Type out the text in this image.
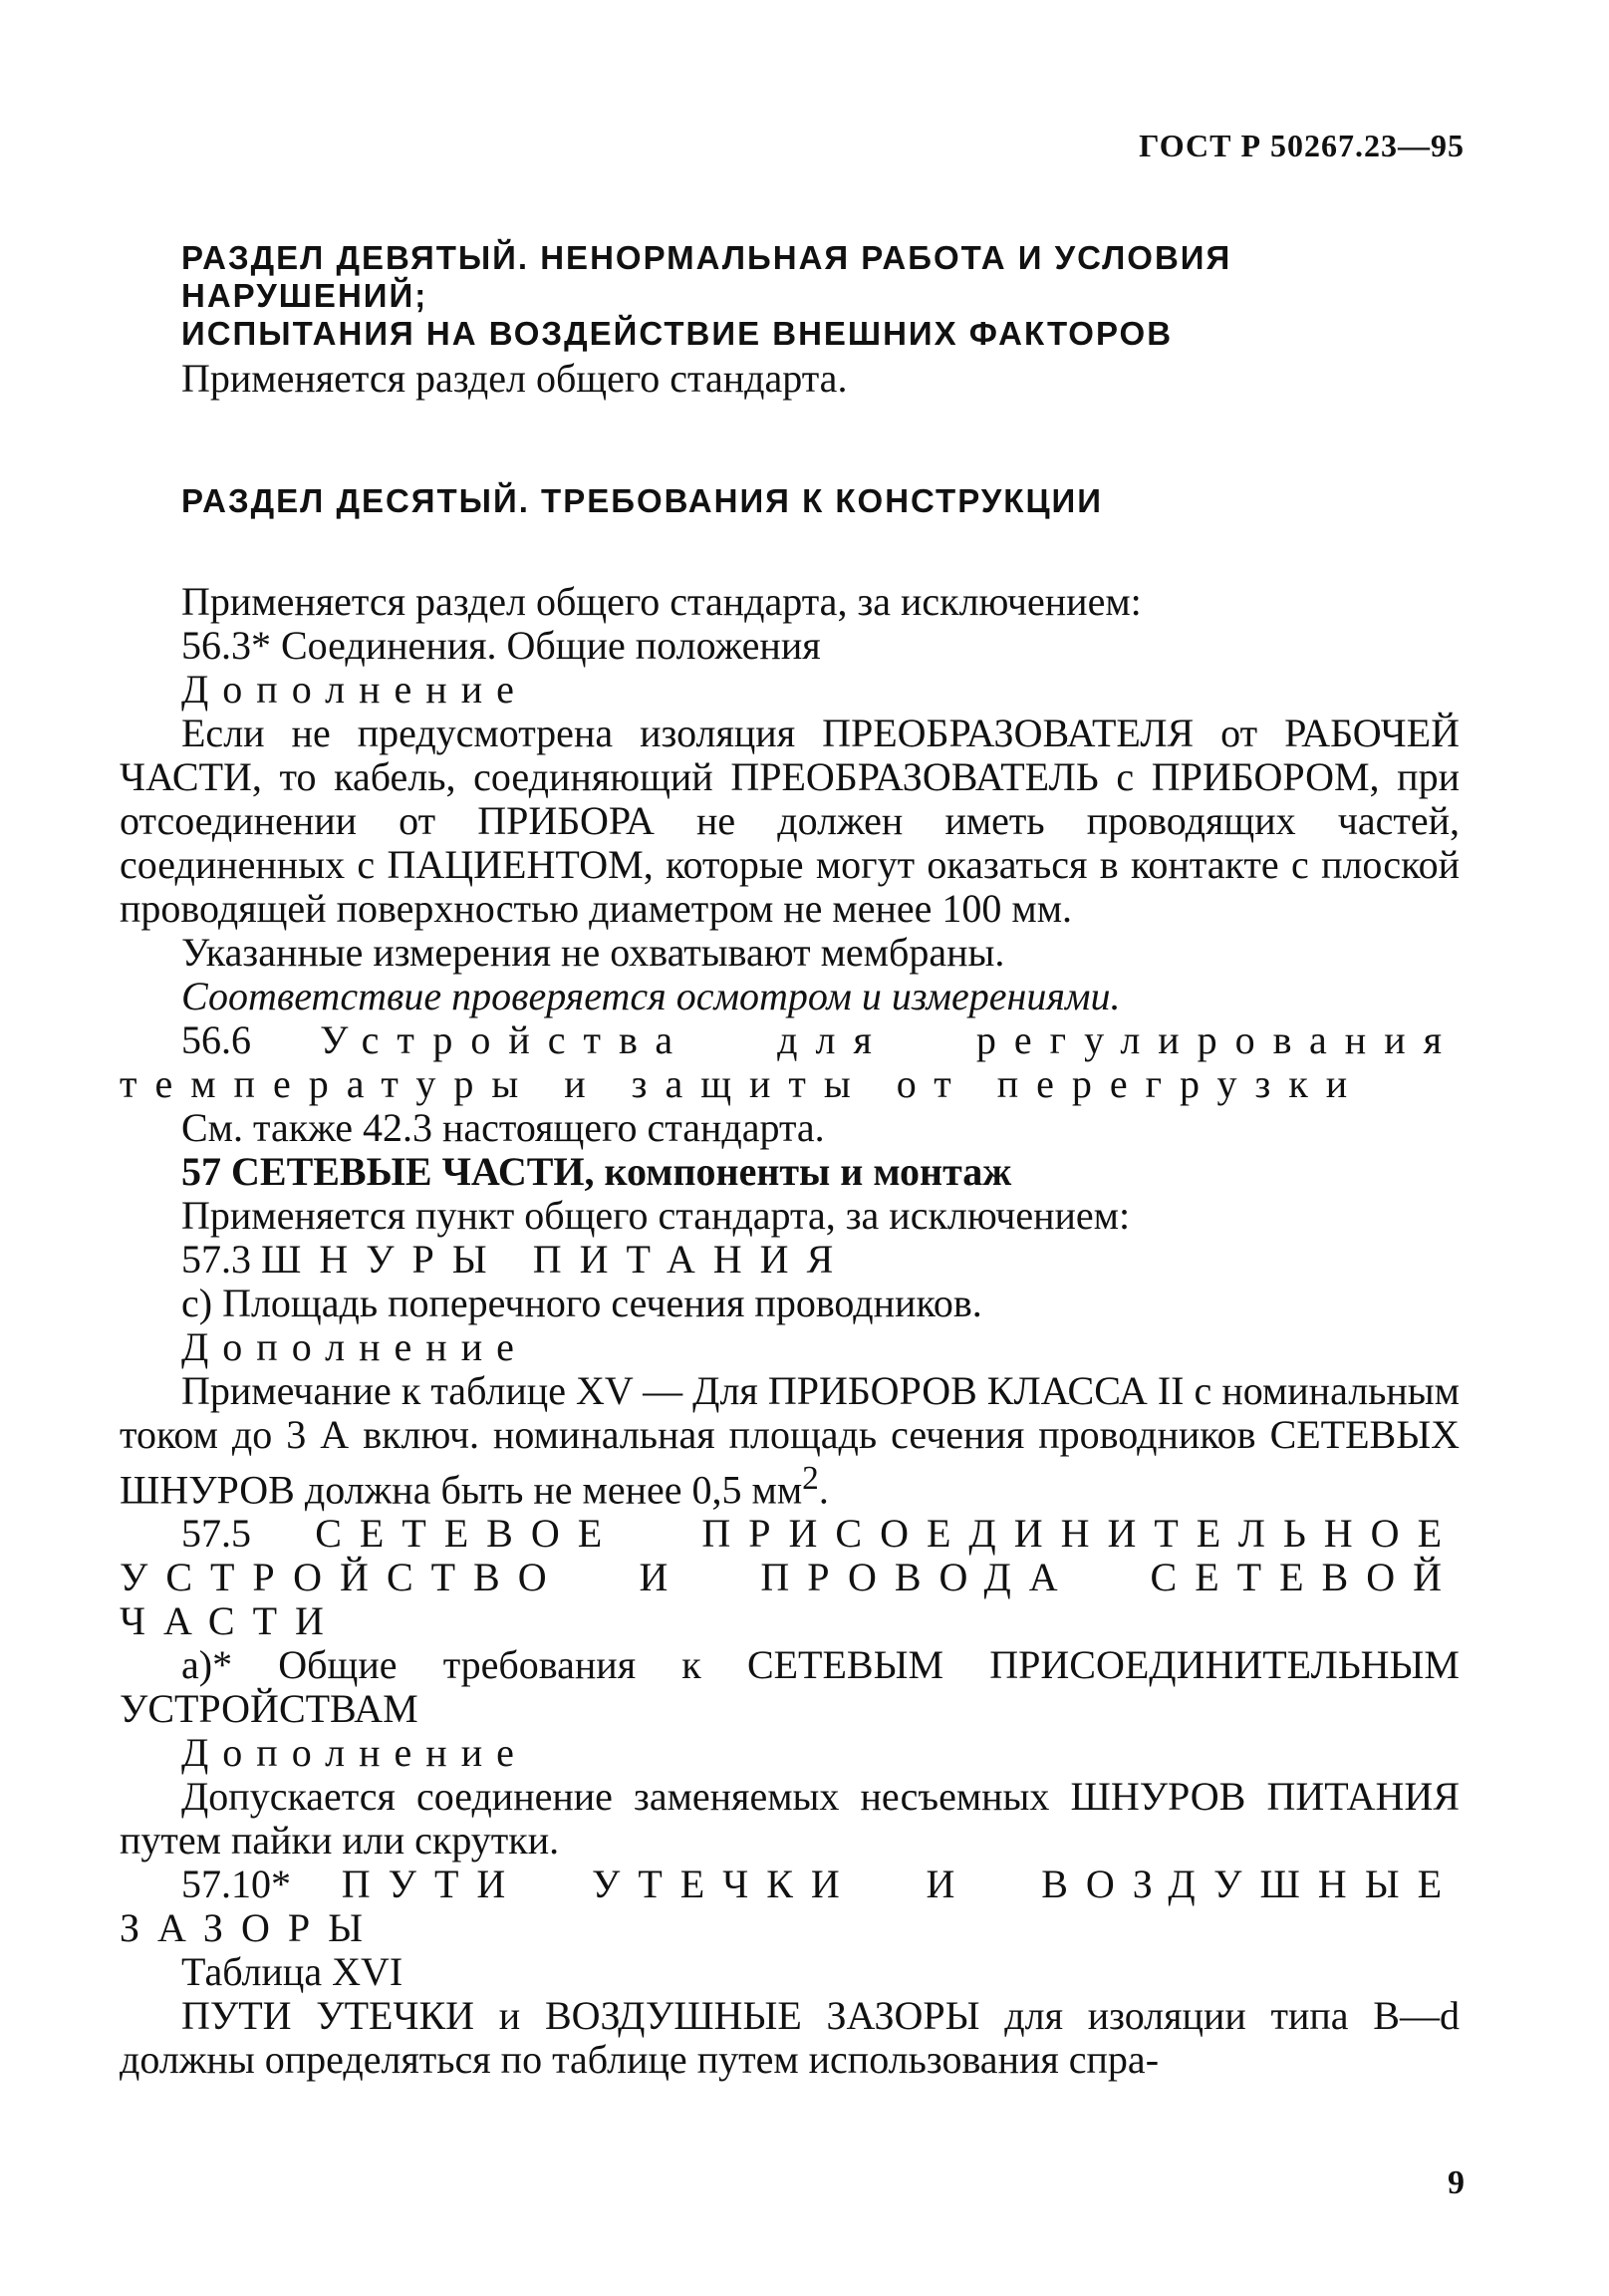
ГОСТ Р 50267.23—95
РАЗДЕЛ ДЕВЯТЫЙ. НЕНОРМАЛЬНАЯ РАБОТА И УСЛОВИЯ НАРУШЕНИЙ;
ИСПЫТАНИЯ НА ВОЗДЕЙСТВИЕ ВНЕШНИХ ФАКТОРОВ
Применяется раздел общего стандарта.
РАЗДЕЛ ДЕСЯТЫЙ. ТРЕБОВАНИЯ К КОНСТРУКЦИИ
Применяется раздел общего стандарта, за исключением:
56.3* Соединения. Общие положения
Дополнение
Если не предусмотрена изоляция ПРЕОБРАЗОВАТЕЛЯ от РАБОЧЕЙ ЧАСТИ, то кабель, соединяющий ПРЕОБРАЗОВАТЕЛЬ с ПРИБОРОМ, при отсоединении от ПРИБОРА не должен иметь проводящих частей, соединенных с ПАЦИЕНТОМ, которые могут оказаться в контакте с плоской проводящей поверхностью диаметром не менее 100 мм.
Указанные измерения не охватывают мембраны.
Соответствие проверяется осмотром и измерениями.
56.6 Устройства для регулирования температуры и защиты от перегрузки
См. также 42.3 настоящего стандарта.
57 СЕТЕВЫЕ ЧАСТИ, компоненты и монтаж
Применяется пункт общего стандарта, за исключением:
57.3 ШНУРЫ ПИТАНИЯ
с) Площадь поперечного сечения проводников.
Дополнение
Примечание к таблице XV — Для ПРИБОРОВ КЛАССА II с номинальным током до 3 А включ. номинальная площадь сечения проводников СЕТЕВЫХ ШНУРОВ должна быть не менее 0,5 $мм^2$.
57.5 СЕТЕВОЕ ПРИСОЕДИНИТЕЛЬНОЕ УСТРОЙСТВО И ПРОВОДА СЕТЕВОЙ ЧАСТИ
а)* Общие требования к СЕТЕВЫМ ПРИСОЕДИНИТЕЛЬНЫМ УСТРОЙСТВАМ
Дополнение
Допускается соединение заменяемых несъемных ШНУРОВ ПИТАНИЯ путем пайки или скрутки.
57.10* ПУТИ УТЕЧКИ И ВОЗДУШНЫЕ ЗАЗОРЫ
Таблица XVI
ПУТИ УТЕЧКИ и ВОЗДУШНЫЕ ЗАЗОРЫ для изоляции типа B—d должны определяться по таблице путем использования спра-
9
